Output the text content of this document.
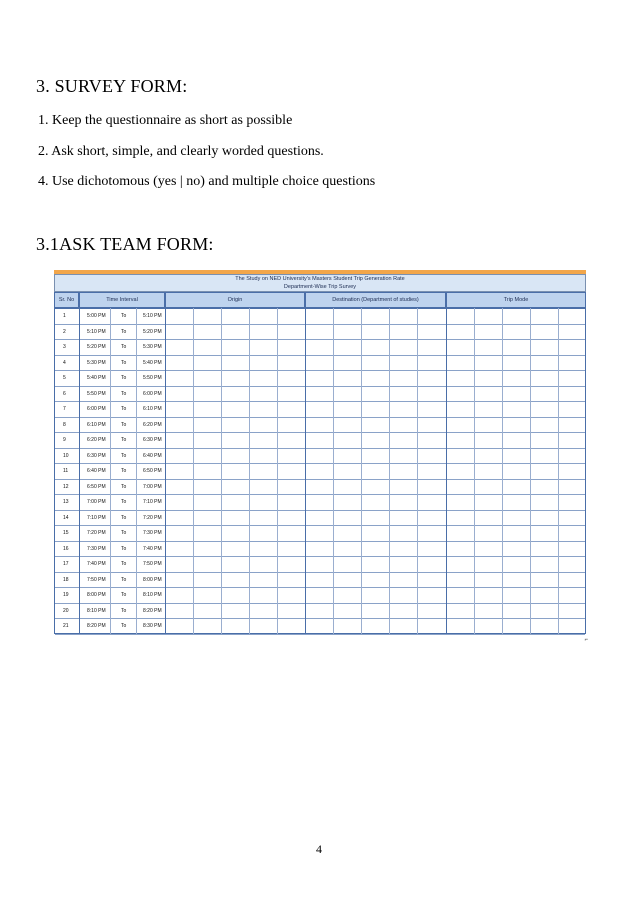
3. SURVEY FORM:
1. Keep the questionnaire as short as possible
2. Ask short, simple, and clearly worded questions.
4. Use dichotomous (yes | no) and multiple choice questions
3.1ASK TEAM FORM:
The Study on NED University's Masters Student Trip Generation Rate
Department-Wise Trip Survey
Sr. No	Time Interval	Origin	Destination (Department of studies)	Trip Mode
1	5:00 PM	To	5:10 PM
2	5:10 PM	To	5:20 PM
3	5:20 PM	To	5:30 PM
4	5:30 PM	To	5:40 PM
5	5:40 PM	To	5:50 PM
6	5:50 PM	To	6:00 PM
7	6:00 PM	To	6:10 PM
8	6:10 PM	To	6:20 PM
9	6:20 PM	To	6:30 PM
10	6:30 PM	To	6:40 PM
11	6:40 PM	To	6:50 PM
12	6:50 PM	To	7:00 PM
13	7:00 PM	To	7:10 PM
14	7:10 PM	To	7:20 PM
15	7:20 PM	To	7:30 PM
16	7:30 PM	To	7:40 PM
17	7:40 PM	To	7:50 PM
18	7:50 PM	To	8:00 PM
19	8:00 PM	To	8:10 PM
20	8:10 PM	To	8:20 PM
21	8:20 PM	To	8:30 PM
⌐
4
